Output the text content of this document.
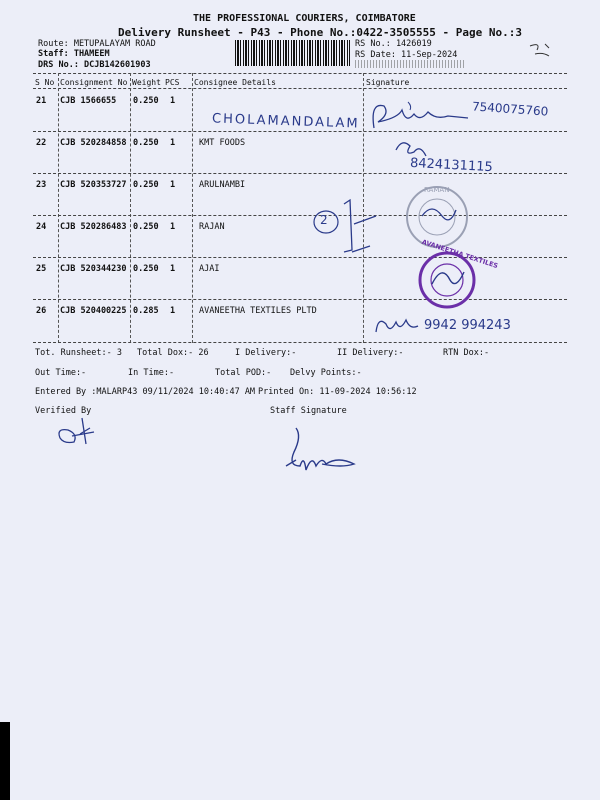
THE PROFESSIONAL COURIERS, COIMBATORE
Delivery Runsheet - P43 - Phone No.:0422-3505555 - Page No.:3
Route: METUPALAYAM ROAD
Staff: THAMEEM
DRS No.: DCJB142601903
RS No.: 1426019
RS Date: 11-Sep-2024
S No Consignment No Weight PCS Consignee Details	Signature
21 CJB 1566655 0.250 1
22 CJB 520284858 0.250 1	KMT FOODS
23 CJB 520353727 0.250 1	ARULNAMBI
24 CJB 520286483 0.250 1	RAJAN
25 CJB 520344230 0.250 1	AJAI
26 CJB 520400225 0.285 1	AVANEETHA TEXTILES PLTD
CHOLAMANDALAM
7540075760
8424131115
2
RAMAN
AVANEETHA TEXTILES
9942 994243
Tot. Runsheet:- 3 Total Dox:- 26	I Delivery:-	II Delivery:-	RTN Dox:-
Out Time:-	In Time:-	Total POD:- Delvy Points:-
Entered By :MALARP43 09/11/2024 10:40:47 AM Printed On: 11-09-2024 10:56:12
Verified By	Staff Signature
